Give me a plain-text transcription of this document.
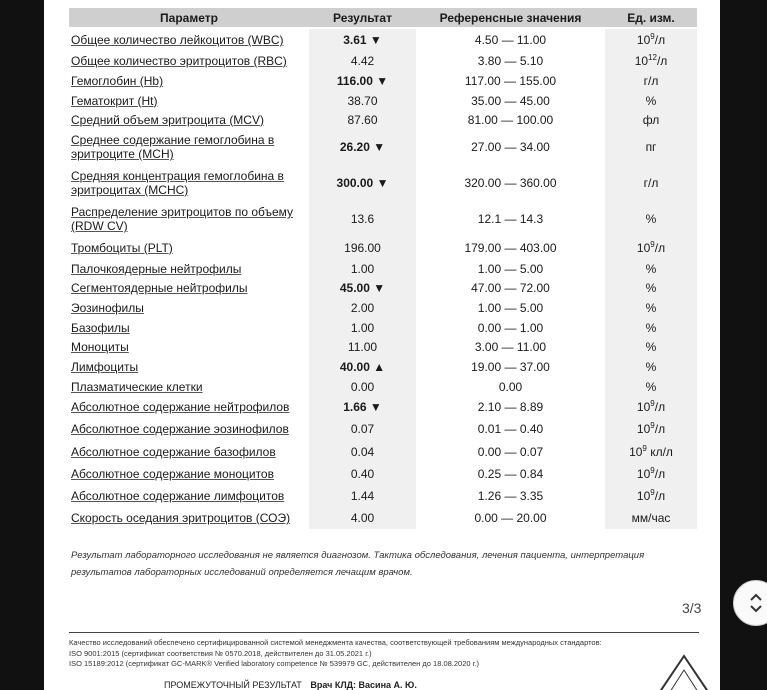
Параметр	Результат	Референсные значения	Ед. изм.
Общее количество лейкоцитов (WBC)	3.61 ▼	4.50 — 11.00	$10^9/л$
Общее количество эритроцитов (RBC)	4.42	3.80 — 5.10	$10^{12}/л$
Гемоглобин (Hb)	116.00 ▼	117.00 — 155.00	г/л
Гематокрит (Ht)	38.70	35.00 — 45.00	%
Средний объем эритроцита (MCV)	87.60	81.00 — 100.00	фл
Среднее содержание гемоглобина в эритроците (MCH)	26.20 ▼	27.00 — 34.00	пг
Средняя концентрация гемоглобина в эритроцитах (MCHC)	300.00 ▼	320.00 — 360.00	г/л
Распределение эритроцитов по объему (RDW CV)	13.6	12.1 — 14.3	%
Тромбоциты (PLT)	196.00	179.00 — 403.00	$10^9/л$
Палочкоядерные нейтрофилы	1.00	1.00 — 5.00	%
Сегментоядерные нейтрофилы	45.00 ▼	47.00 — 72.00	%
Эозинофилы	2.00	1.00 — 5.00	%
Базофилы	1.00	0.00 — 1.00	%
Моноциты	11.00	3.00 — 11.00	%
Лимфоциты	40.00 ▲	19.00 — 37.00	%
Плазматические клетки	0.00	0.00	%
Абсолютное содержание нейтрофилов	1.66 ▼	2.10 — 8.89	$10^9/л$
Абсолютное содержание эозинофилов	0.07	0.01 — 0.40	$10^9/л$
Абсолютное содержание базофилов	0.04	0.00 — 0.07	$10^9$ кл/л
Абсолютное содержание моноцитов	0.40	0.25 — 0.84	$10^9/л$
Абсолютное содержание лимфоцитов	1.44	1.26 — 3.35	$10^9/л$
Скорость оседания эритроцитов (СОЭ)	4.00	0.00 — 20.00	мм/час
Результат лабораторного исследования не является диагнозом. Тактика обследования, лечения пациента, интерпретация результатов лабораторных исследований определяется лечащим врачом.
3/3
Качество исследований обеспечено сертифицированной системой менеджмента качества, соответствующей требованиям международных стандартов:
ISO 9001:2015 (сертификат соответствия № 0570.2018, действителен до 31.05.2021 г.)
ISO 15189:2012 (сертификат GC-MARK® Verified laboratory competence № 539979 GC, действителен до 18.08.2020 г.)
ПРОМЕЖУТОЧНЫЙ РЕЗУЛЬТАТ Врач КЛД: Васина А. Ю.
